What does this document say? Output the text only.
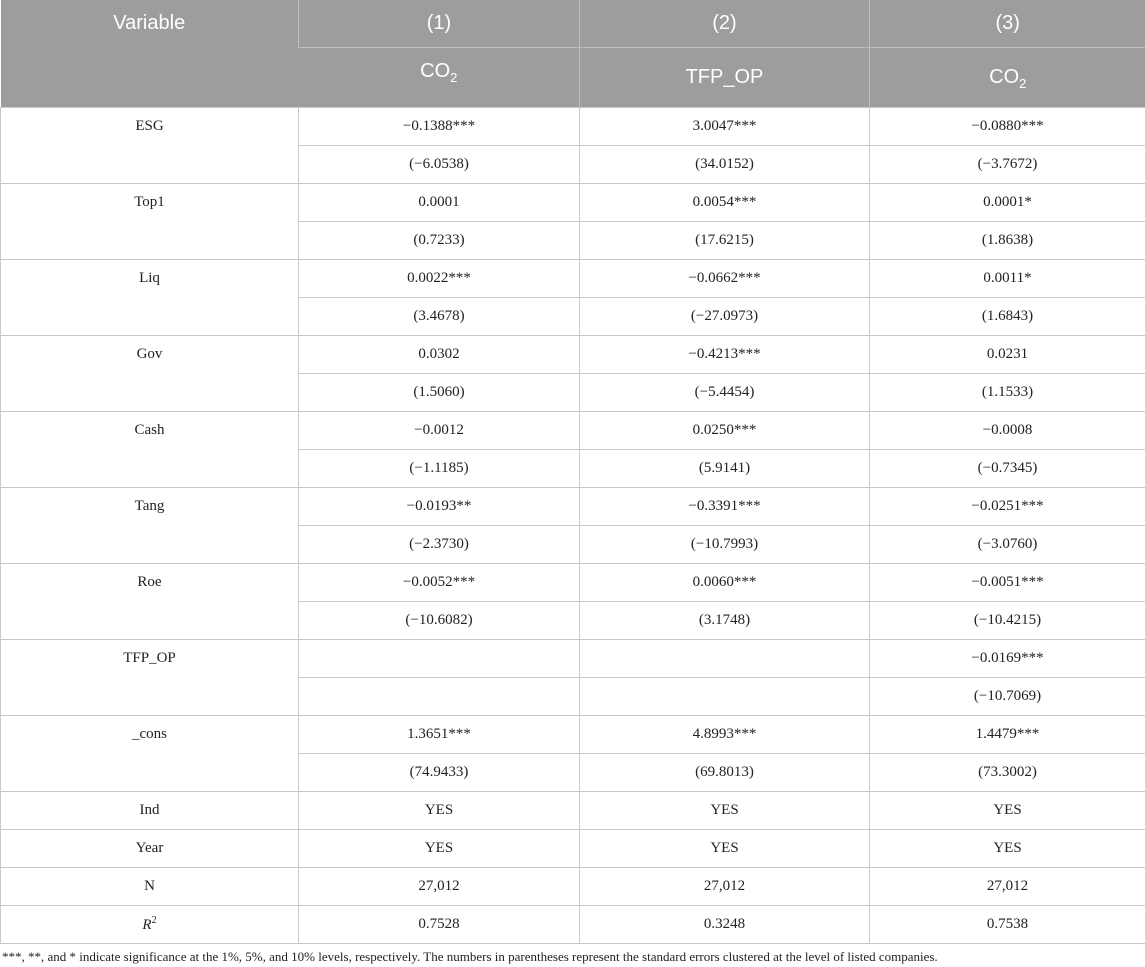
Variable	(1)	(2)	(3)
	$CO_2$	TFP_OP	$CO_2$
ESG	−0.1388***	3.0047***	−0.0880***
	(−6.0538)	(34.0152)	(−3.7672)
Top1	0.0001	0.0054***	0.0001*
	(0.7233)	(17.6215)	(1.8638)
Liq	0.0022***	−0.0662***	0.0011*
	(3.4678)	(−27.0973)	(1.6843)
Gov	0.0302	−0.4213***	0.0231
	(1.5060)	(−5.4454)	(1.1533)
Cash	−0.0012	0.0250***	−0.0008
	(−1.1185)	(5.9141)	(−0.7345)
Tang	−0.0193**	−0.3391***	−0.0251***
	(−2.3730)	(−10.7993)	(−3.0760)
Roe	−0.0052***	0.0060***	−0.0051***
	(−10.6082)	(3.1748)	(−10.4215)
TFP_OP			−0.0169***
			(−10.7069)
_cons	1.3651***	4.8993***	1.4479***
	(74.9433)	(69.8013)	(73.3002)
Ind	YES	YES	YES
Year	YES	YES	YES
N	27,012	27,012	27,012
$R^2$	0.7528	0.3248	0.7538
***, **, and * indicate significance at the 1%, 5%, and 10% levels, respectively. The numbers in parentheses represent the standard errors clustered at the level of listed companies.
